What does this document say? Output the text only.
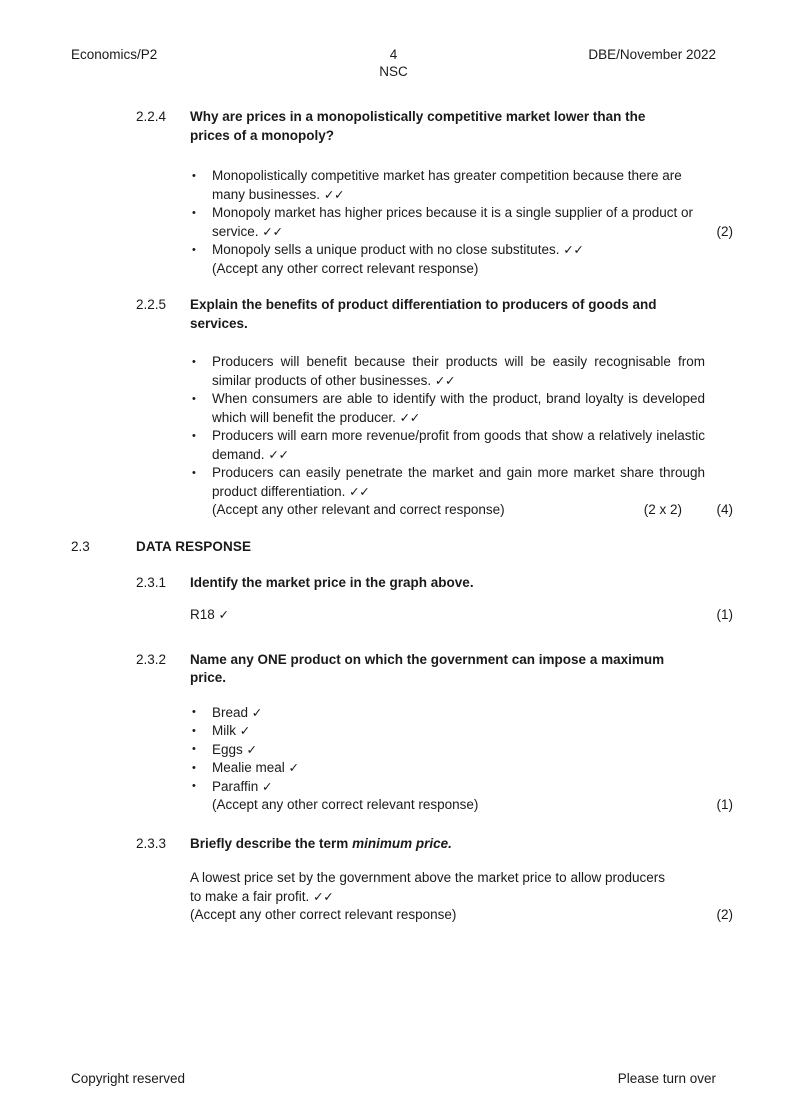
Economics/P2	4
NSC
DBE/November 2022
2.2.4	Why are prices in a monopolistically competitive market lower than the prices of a monopoly?
• Monopolistically competitive market has greater competition because there are many businesses. ✓✓
• Monopoly market has higher prices because it is a single supplier of a product or service. ✓✓
• Monopoly sells a unique product with no close substitutes. ✓✓
(Accept any other correct relevant response)
(2)
2.2.5	Explain the benefits of product differentiation to producers of goods and services.
• Producers will benefit because their products will be easily recognisable from similar products of other businesses. ✓✓
• When consumers are able to identify with the product, brand loyalty is developed which will benefit the producer. ✓✓
• Producers will earn more revenue/profit from goods that show a relatively inelastic demand. ✓✓
• Producers can easily penetrate the market and gain more market share through product differentiation. ✓✓
(Accept any other relevant and correct response)	(2 x 2)	(4)
2.3	DATA RESPONSE
2.3.1	Identify the market price in the graph above.
R18 ✓	(1)
2.3.2	Name any ONE product on which the government can impose a maximum price.
• Bread ✓
• Milk ✓
• Eggs ✓
• Mealie meal ✓
• Paraffin ✓
(Accept any other correct relevant response)	(1)
2.3.3	Briefly describe the term minimum price.
A lowest price set by the government above the market price to allow producers to make a fair profit. ✓✓
(Accept any other correct relevant response)	(2)
Copyright reserved	Please turn over
